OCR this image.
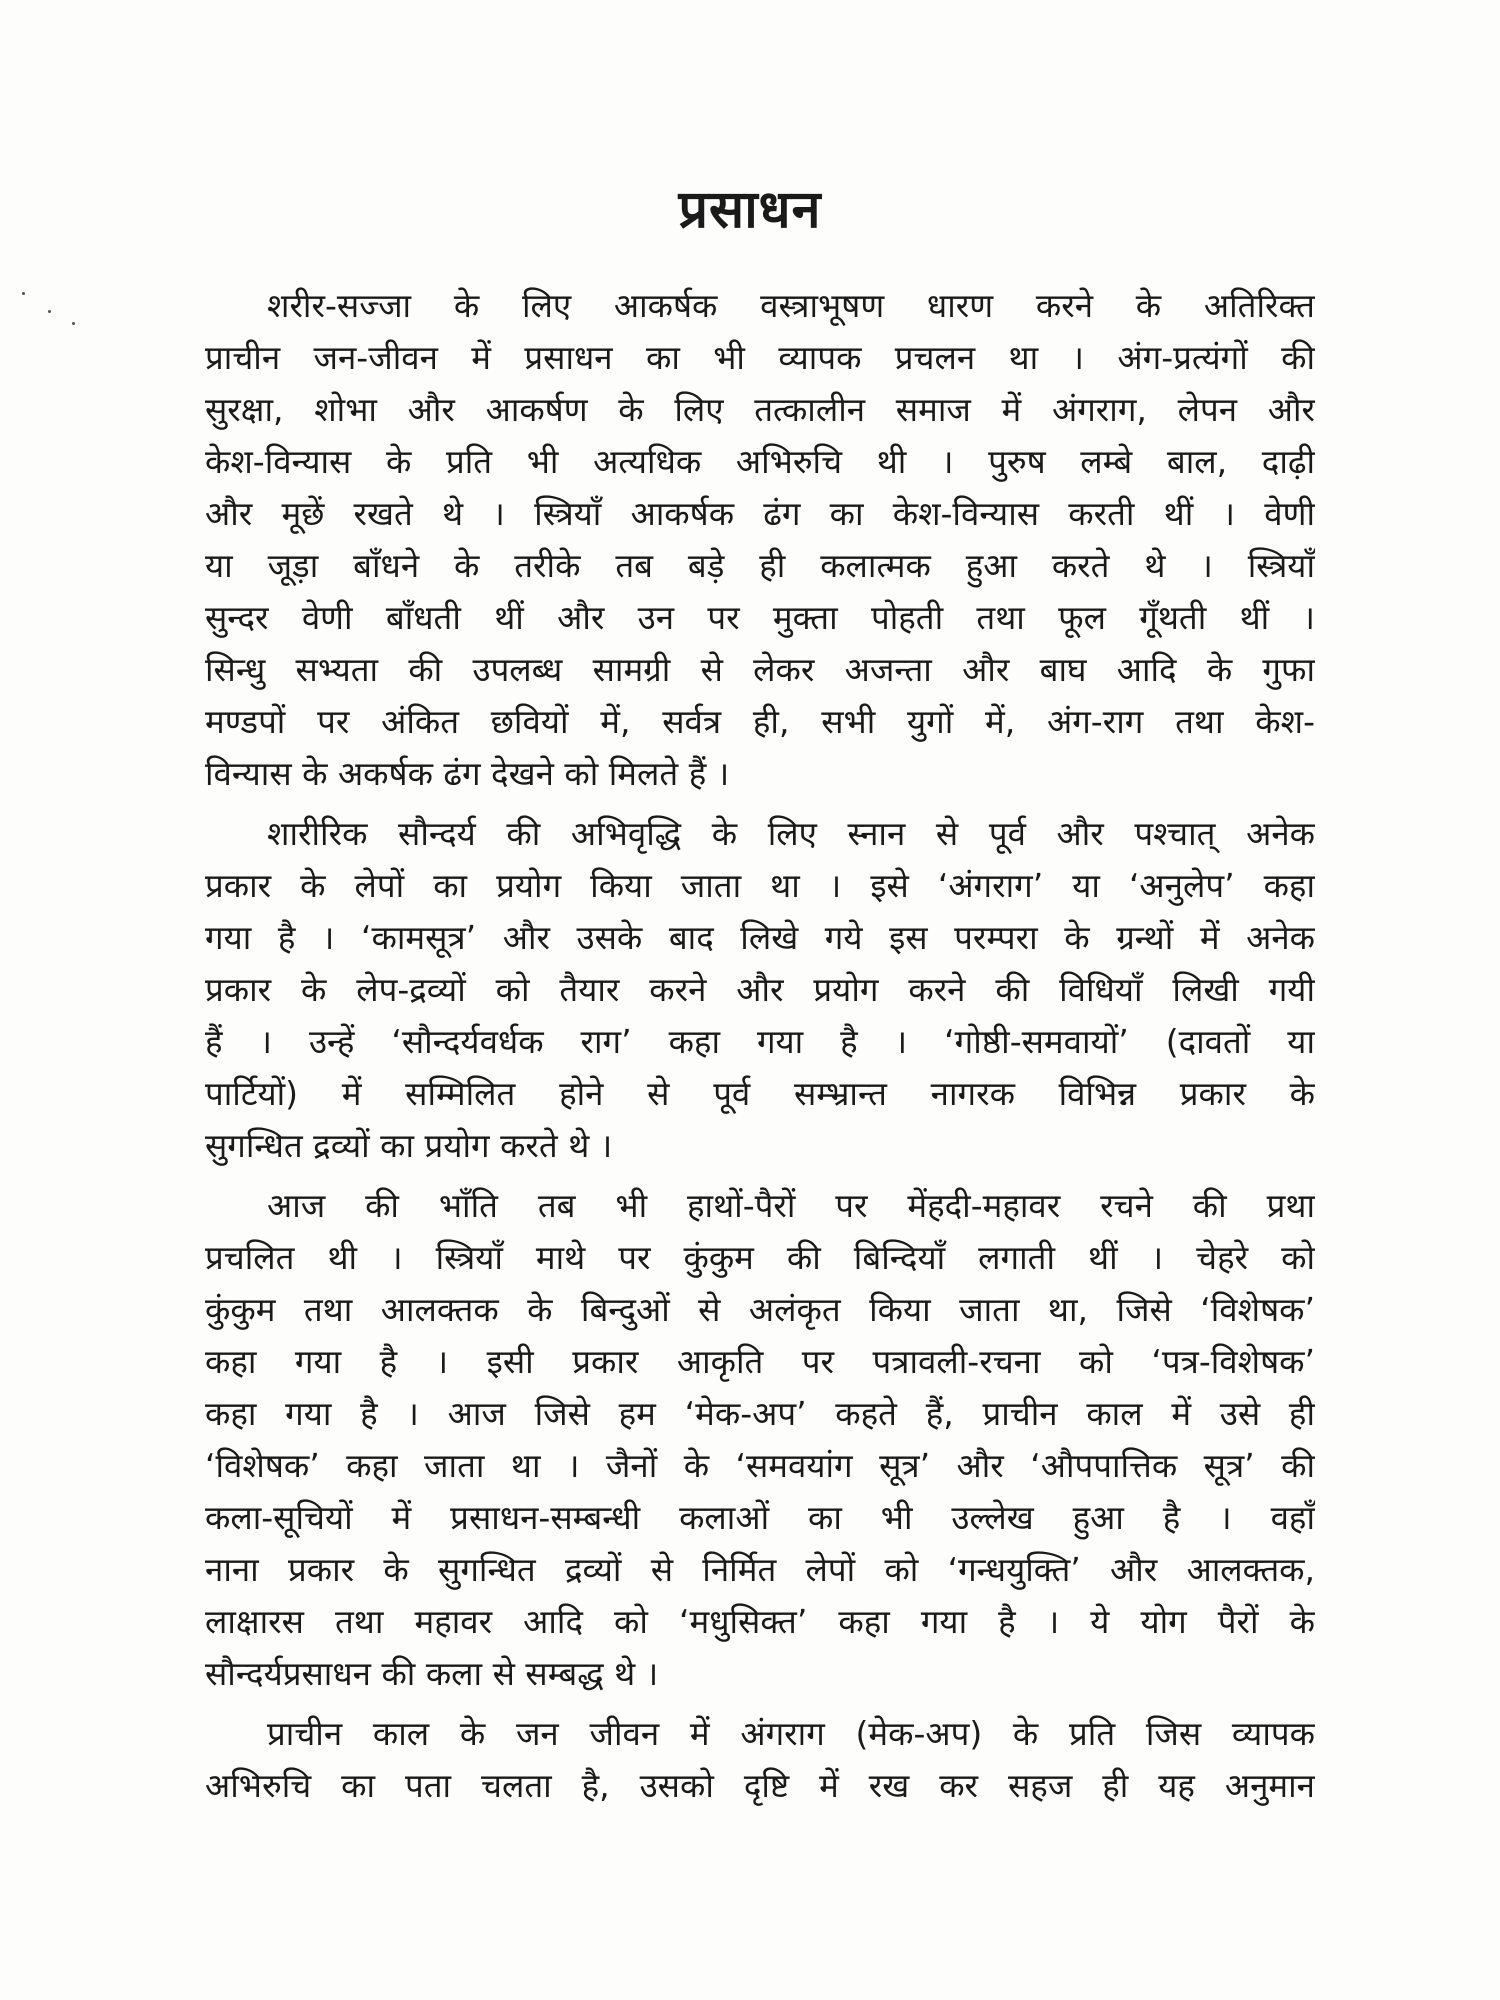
प्रसाधन
शरीर-सज्जा के लिए आकर्षक वस्त्राभूषण धारण करने के अतिरिक्त
प्राचीन जन-जीवन में प्रसाधन का भी व्यापक प्रचलन था । अंग-प्रत्यंगों की
सुरक्षा, शोभा और आकर्षण के लिए तत्कालीन समाज में अंगराग, लेपन और
केश-विन्यास के प्रति भी अत्यधिक अभिरुचि थी । पुरुष लम्बे बाल, दाढ़ी
और मूछें रखते थे । स्त्रियाँ आकर्षक ढंग का केश-विन्यास करती थीं । वेणी
या जूड़ा बाँधने के तरीके तब बड़े ही कलात्मक हुआ करते थे । स्त्रियाँ
सुन्दर वेणी बाँधती थीं और उन पर मुक्ता पोहती तथा फूल गूँथती थीं ।
सिन्धु सभ्यता की उपलब्ध सामग्री से लेकर अजन्ता और बाघ आदि के गुफा
मण्डपों पर अंकित छवियों में, सर्वत्र ही, सभी युगों में, अंग-राग तथा केश-
विन्यास के अकर्षक ढंग देखने को मिलते हैं ।
शारीरिक सौन्दर्य की अभिवृद्धि के लिए स्नान से पूर्व और पश्चात् अनेक
प्रकार के लेपों का प्रयोग किया जाता था । इसे ‘अंगराग’ या ‘अनुलेप’ कहा
गया है । ‘कामसूत्र’ और उसके बाद लिखे गये इस परम्परा के ग्रन्थों में अनेक
प्रकार के लेप-द्रव्यों को तैयार करने और प्रयोग करने की विधियाँ लिखी गयी
हैं । उन्हें ‘सौन्दर्यवर्धक राग’ कहा गया है । ‘गोष्ठी-समवायों’ (दावतों या
पार्टियों) में सम्मिलित होने से पूर्व सम्भ्रान्त नागरक विभिन्न प्रकार के
सुगन्धित द्रव्यों का प्रयोग करते थे ।
आज की भाँति तब भी हाथों-पैरों पर मेंहदी-महावर रचने की प्रथा
प्रचलित थी । स्त्रियाँ माथे पर कुंकुम की बिन्दियाँ लगाती थीं । चेहरे को
कुंकुम तथा आलक्तक के बिन्दुओं से अलंकृत किया जाता था, जिसे ‘विशेषक’
कहा गया है । इसी प्रकार आकृति पर पत्रावली-रचना को ‘पत्र-विशेषक’
कहा गया है । आज जिसे हम ‘मेक-अप’ कहते हैं, प्राचीन काल में उसे ही
‘विशेषक’ कहा जाता था । जैनों के ‘समवयांग सूत्र’ और ‘औपपात्तिक सूत्र’ की
कला-सूचियों में प्रसाधन-सम्बन्धी कलाओं का भी उल्लेख हुआ है । वहाँ
नाना प्रकार के सुगन्धित द्रव्यों से निर्मित लेपों को ‘गन्धयुक्ति’ और आलक्तक,
लाक्षारस तथा महावर आदि को ‘मधुसिक्त’ कहा गया है । ये योग पैरों के
सौन्दर्यप्रसाधन की कला से सम्बद्ध थे ।
प्राचीन काल के जन जीवन में अंगराग (मेक-अप) के प्रति जिस व्यापक
अभिरुचि का पता चलता है, उसको दृष्टि में रख कर सहज ही यह अनुमान
